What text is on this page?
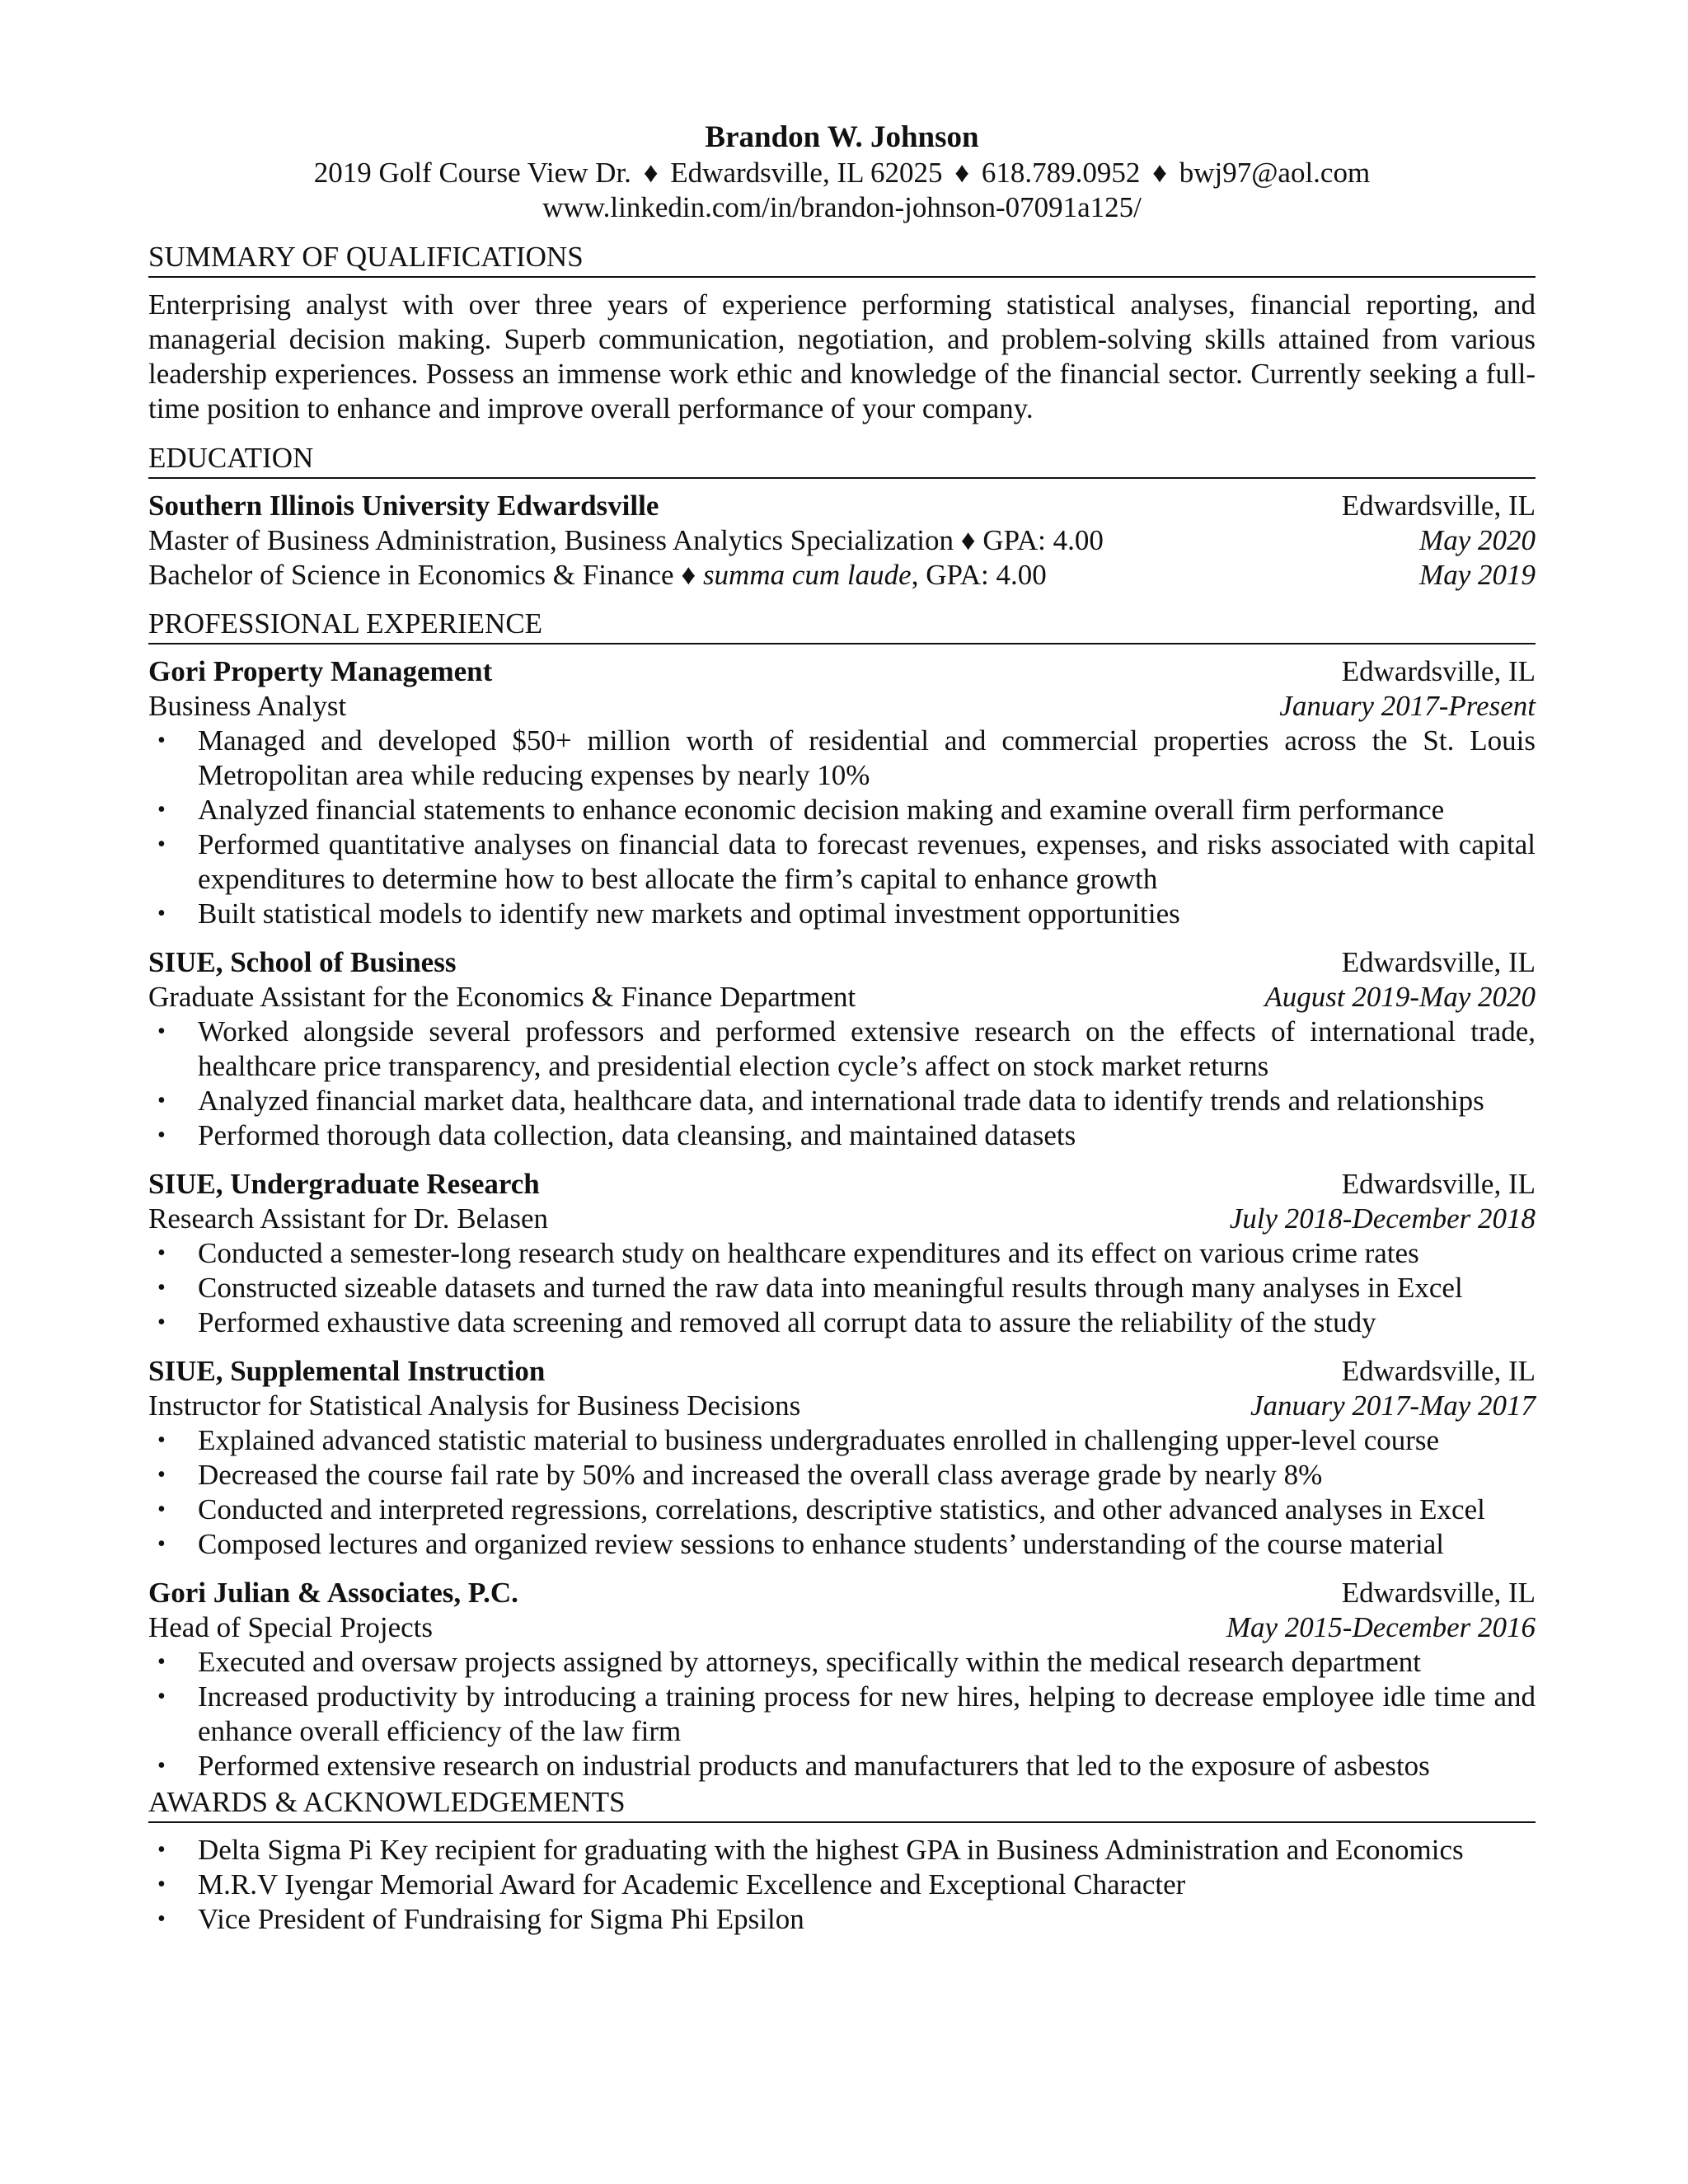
Brandon W. Johnson
2019 Golf Course View Dr. ♦ Edwardsville, IL 62025 ♦ 618.789.0952 ♦ bwj97@aol.com
www.linkedin.com/in/brandon-johnson-07091a125/
SUMMARY OF QUALIFICATIONS
Enterprising analyst with over three years of experience performing statistical analyses, financial reporting, and managerial decision making. Superb communication, negotiation, and problem-solving skills attained from various leadership experiences. Possess an immense work ethic and knowledge of the financial sector. Currently seeking a full-time position to enhance and improve overall performance of your company.
EDUCATION
Southern Illinois University Edwardsville	Edwardsville, IL
Master of Business Administration, Business Analytics Specialization ♦ GPA: 4.00	May 2020
Bachelor of Science in Economics & Finance ♦ summa cum laude, GPA: 4.00	May 2019
PROFESSIONAL EXPERIENCE
Gori Property Management	Edwardsville, IL
Business Analyst	January 2017-Present
• Managed and developed $50+ million worth of residential and commercial properties across the St. Louis Metropolitan area while reducing expenses by nearly 10%
• Analyzed financial statements to enhance economic decision making and examine overall firm performance
• Performed quantitative analyses on financial data to forecast revenues, expenses, and risks associated with capital expenditures to determine how to best allocate the firm’s capital to enhance growth
• Built statistical models to identify new markets and optimal investment opportunities
SIUE, School of Business	Edwardsville, IL
Graduate Assistant for the Economics & Finance Department	August 2019-May 2020
• Worked alongside several professors and performed extensive research on the effects of international trade, healthcare price transparency, and presidential election cycle’s affect on stock market returns
• Analyzed financial market data, healthcare data, and international trade data to identify trends and relationships
• Performed thorough data collection, data cleansing, and maintained datasets
SIUE, Undergraduate Research	Edwardsville, IL
Research Assistant for Dr. Belasen	July 2018-December 2018
• Conducted a semester-long research study on healthcare expenditures and its effect on various crime rates
• Constructed sizeable datasets and turned the raw data into meaningful results through many analyses in Excel
• Performed exhaustive data screening and removed all corrupt data to assure the reliability of the study
SIUE, Supplemental Instruction	Edwardsville, IL
Instructor for Statistical Analysis for Business Decisions	January 2017-May 2017
• Explained advanced statistic material to business undergraduates enrolled in challenging upper-level course
• Decreased the course fail rate by 50% and increased the overall class average grade by nearly 8%
• Conducted and interpreted regressions, correlations, descriptive statistics, and other advanced analyses in Excel
• Composed lectures and organized review sessions to enhance students’ understanding of the course material
Gori Julian & Associates, P.C.	Edwardsville, IL
Head of Special Projects	May 2015-December 2016
• Executed and oversaw projects assigned by attorneys, specifically within the medical research department
• Increased productivity by introducing a training process for new hires, helping to decrease employee idle time and enhance overall efficiency of the law firm
• Performed extensive research on industrial products and manufacturers that led to the exposure of asbestos
AWARDS & ACKNOWLEDGEMENTS
• Delta Sigma Pi Key recipient for graduating with the highest GPA in Business Administration and Economics
• M.R.V Iyengar Memorial Award for Academic Excellence and Exceptional Character
• Vice President of Fundraising for Sigma Phi Epsilon
